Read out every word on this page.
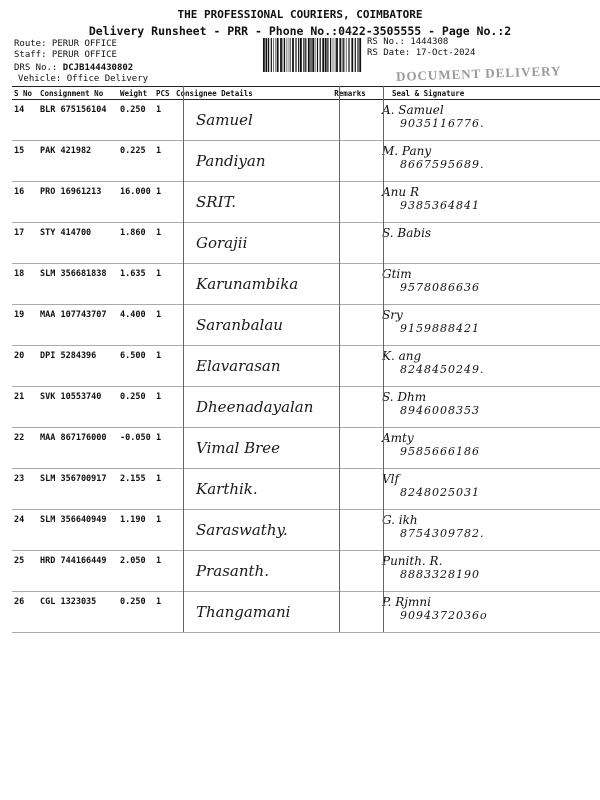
THE PROFESSIONAL COURIERS, COIMBATORE
Delivery Runsheet - PRR - Phone No.:0422-3505555 - Page No.:2
Route: PERUR OFFICE
Staff: PERUR OFFICE
DRS No.: DCJB144430802
Vehicle: Office Delivery
RS No.: 1444308
RS Date: 17-Oct-2024
DOCUMENT DELIVERY
S No	Consignment No	Weight	PCS	Consignee Details	Remarks	Seal & Signature
14	BLR 675156104	0.250	1	Samuel		A. Samuel
9035116776.

15	PAK 421982	0.225	1	Pandiyan		M. Pany
8667595689.

16	PRO 16961213	16.000	1	SRIT.		Anu R
9385364841

17	STY 414700	1.860	1	Gorajii		S. Babis

18	SLM 356681838	1.635	1	Karunambika		Gtim
9578086636

19	MAA 107743707	4.400	1	Saranbalau		Sry
9159888421

20	DPI 5284396	6.500	1	Elavarasan		K. ang
8248450249.

21	SVK 10553740	0.250	1	Dheenadayalan		S. Dhm
8946008353

22	MAA 867176000	-0.050	1	Vimal Bree		Amty
9585666186

23	SLM 356700917	2.155	1	Karthik.		Vlf
8248025031

24	SLM 356640949	1.190	1	Saraswathy.		G. ikh
8754309782.

25	HRD 744166449	2.050	1	Prasanth.		Punith. R.
8883328190

26	CGL 1323035	0.250	1	Thangamani		P. Rjmni
9094372036o
